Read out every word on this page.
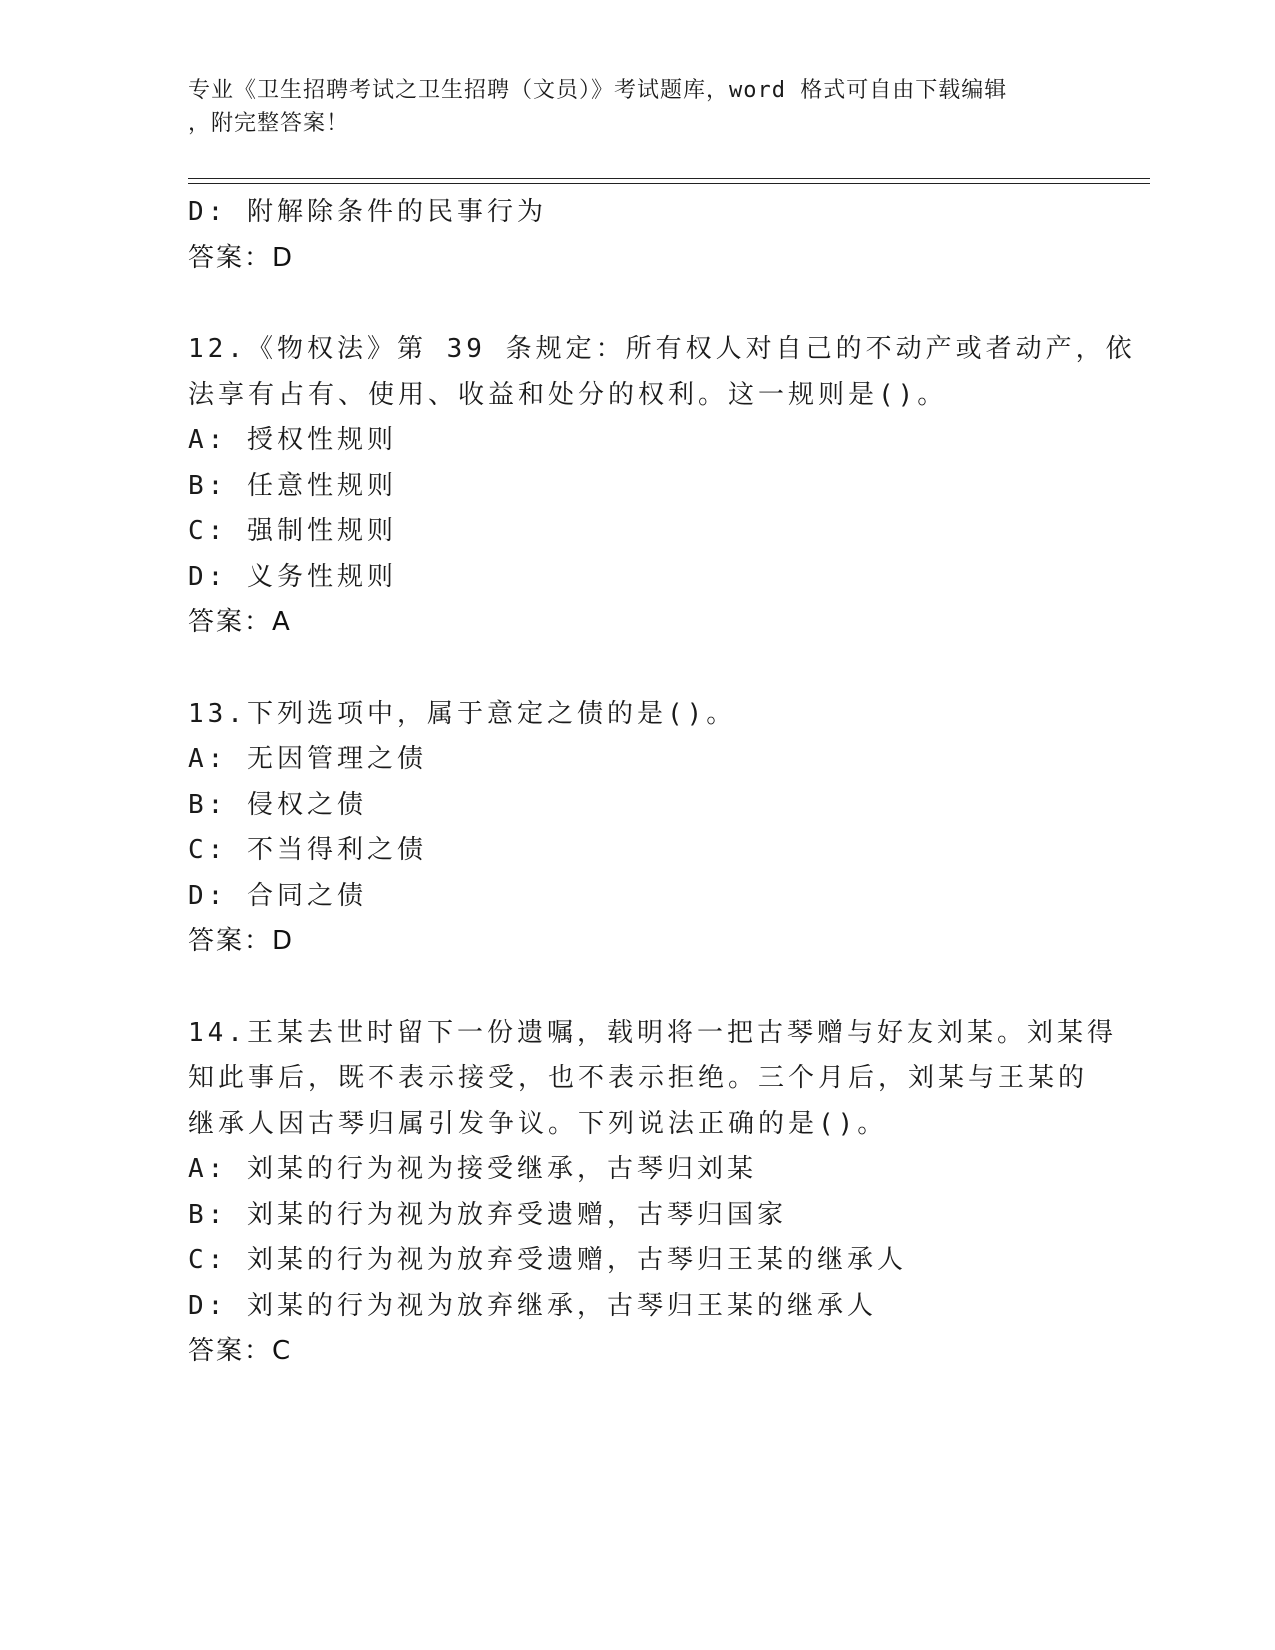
专业《卫生招聘考试之卫生招聘（文员）》考试题库，word 格式可自由下载编辑
，附完整答案！
D: 附解除条件的民事行为
答案：D
12.《物权法》第 39 条规定：所有权人对自己的不动产或者动产，依
法享有占有、使用、收益和处分的权利。这一规则是()。
A: 授权性规则
B: 任意性规则
C: 强制性规则
D: 义务性规则
答案：A
13.下列选项中，属于意定之债的是()。
A: 无因管理之债
B: 侵权之债
C: 不当得利之债
D: 合同之债
答案：D
14.王某去世时留下一份遗嘱，载明将一把古琴赠与好友刘某。刘某得
知此事后，既不表示接受，也不表示拒绝。三个月后，刘某与王某的
继承人因古琴归属引发争议。下列说法正确的是()。
A: 刘某的行为视为接受继承，古琴归刘某
B: 刘某的行为视为放弃受遗赠，古琴归国家
C: 刘某的行为视为放弃受遗赠，古琴归王某的继承人
D: 刘某的行为视为放弃继承，古琴归王某的继承人
答案：C
